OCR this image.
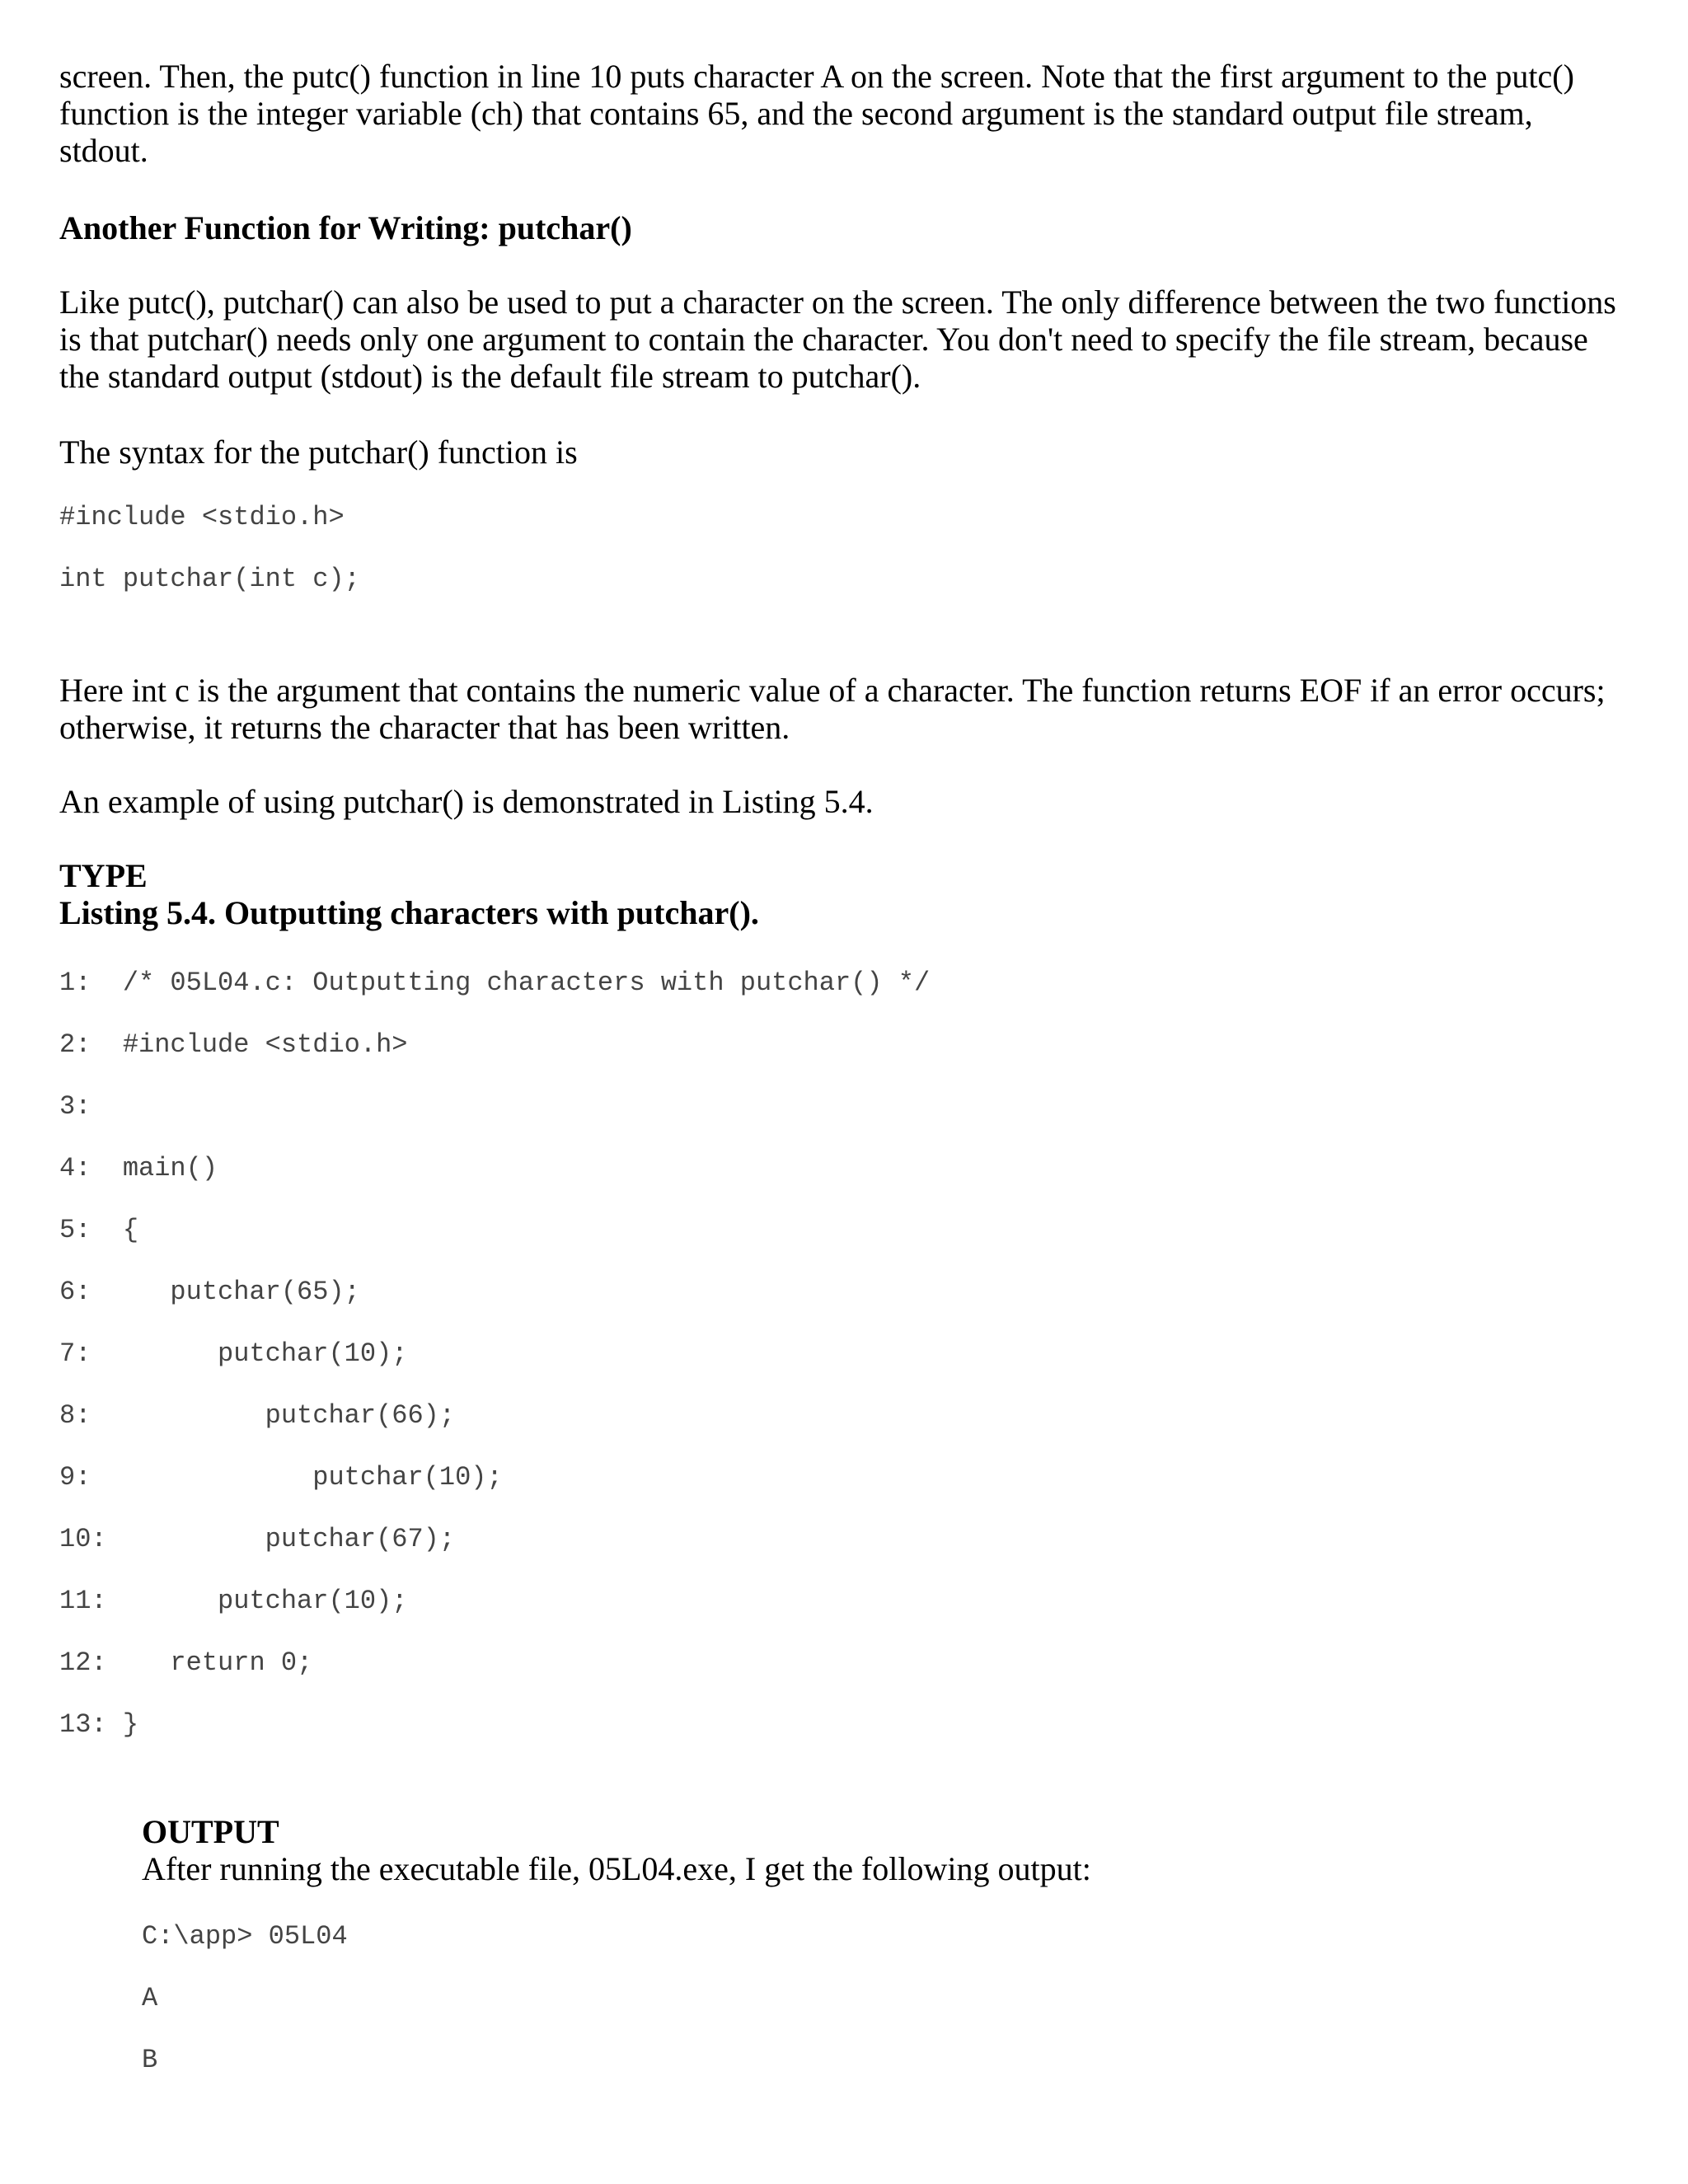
screen. Then, the putc() function in line 10 puts character A on the screen. Note that the first argument to the putc() function is the integer variable (ch) that contains 65, and the second argument is the standard output file stream, stdout.

Another Function for Writing: putchar()

Like putc(), putchar() can also be used to put a character on the screen. The only difference between the two functions is that putchar() needs only one argument to contain the character. You don't need to specify the file stream, because the standard output (stdout) is the default file stream to putchar().

The syntax for the putchar() function is

#include <stdio.h>
int putchar(int c);

Here int c is the argument that contains the numeric value of a character. The function returns EOF if an error occurs; otherwise, it returns the character that has been written.

An example of using putchar() is demonstrated in Listing 5.4.

TYPE

Listing 5.4. Outputting characters with putchar().

1:  /* 05L04.c: Outputting characters with putchar() */
2:  #include <stdio.h>
3:
4:  main()
5:  {
6:     putchar(65);
7:        putchar(10);
8:           putchar(66);
9:              putchar(10);
10:          putchar(67);
11:       putchar(10);
12:    return 0;
13: }

OUTPUT

After running the executable file, 05L04.exe, I get the following output:

C:\app> 05L04
A
B
